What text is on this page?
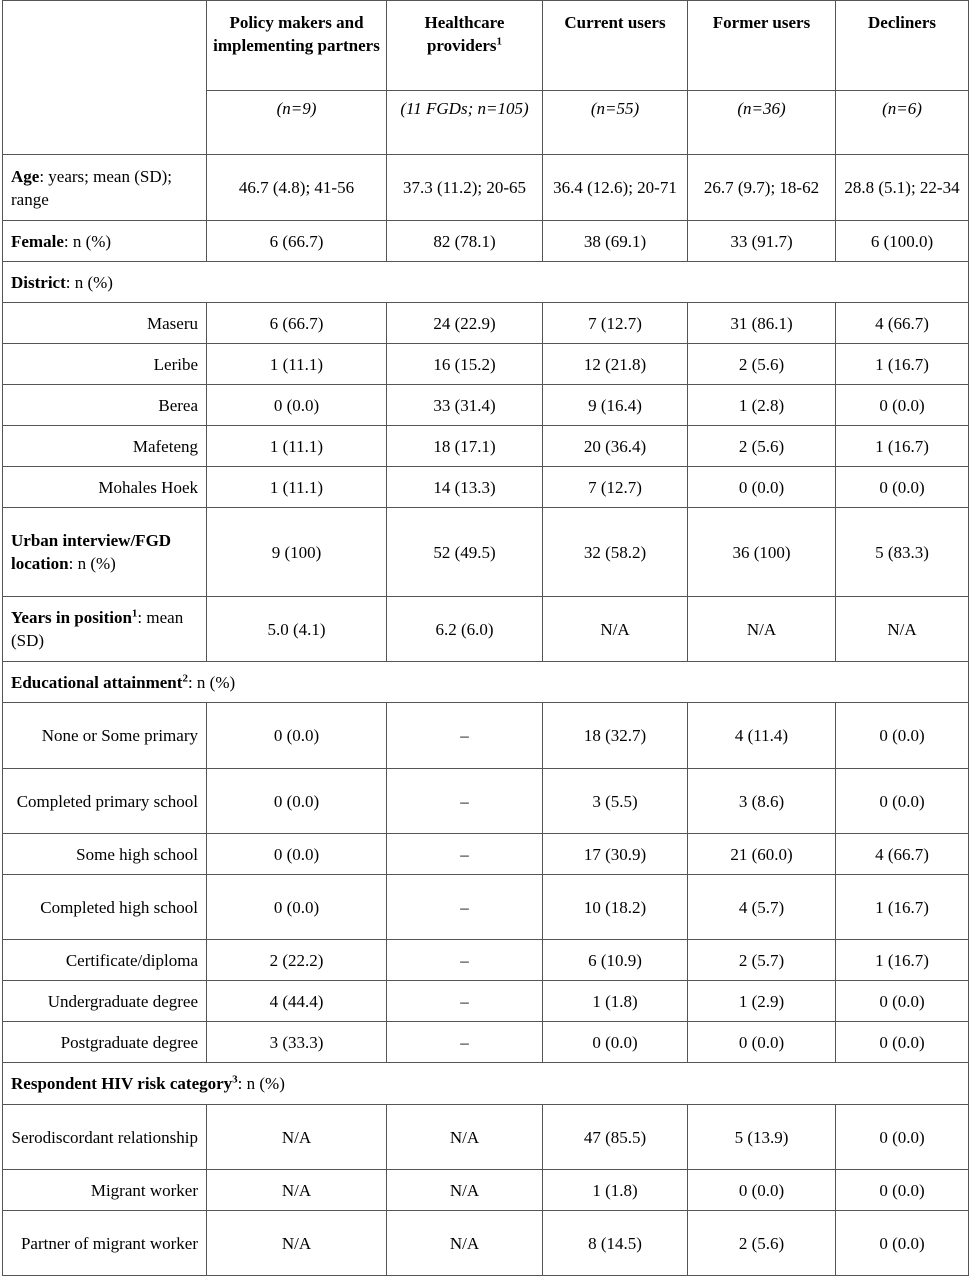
	Policy makers and implementing partners	Healthcare providers$^1$	Current users	Former users	Decliners
	(n=9)	(11 FGDs; n=105)	(n=55)	(n=36)	(n=6)
Age: years; mean (SD); range	46.7 (4.8); 41-56	37.3 (11.2); 20-65	36.4 (12.6); 20-71	26.7 (9.7); 18-62	28.8 (5.1); 22-34
Female: n (%)	6 (66.7)	82 (78.1)	38 (69.1)	33 (91.7)	6 (100.0)
District: n (%)					
Maseru	6 (66.7)	24 (22.9)	7 (12.7)	31 (86.1)	4 (66.7)
Leribe	1 (11.1)	16 (15.2)	12 (21.8)	2 (5.6)	1 (16.7)
Berea	0 (0.0)	33 (31.4)	9 (16.4)	1 (2.8)	0 (0.0)
Mafeteng	1 (11.1)	18 (17.1)	20 (36.4)	2 (5.6)	1 (16.7)
Mohales Hoek	1 (11.1)	14 (13.3)	7 (12.7)	0 (0.0)	0 (0.0)
Urban interview/FGD location: n (%)	9 (100)	52 (49.5)	32 (58.2)	36 (100)	5 (83.3)
Years in position$^1$: mean (SD)	5.0 (4.1)	6.2 (6.0)	N/A	N/A	N/A
Educational attainment$^2$: n (%)					
None or Some primary	0 (0.0)	–	18 (32.7)	4 (11.4)	0 (0.0)
Completed primary school	0 (0.0)	–	3 (5.5)	3 (8.6)	0 (0.0)
Some high school	0 (0.0)	–	17 (30.9)	21 (60.0)	4 (66.7)
Completed high school	0 (0.0)	–	10 (18.2)	4 (5.7)	1 (16.7)
Certificate/diploma	2 (22.2)	–	6 (10.9)	2 (5.7)	1 (16.7)
Undergraduate degree	4 (44.4)	–	1 (1.8)	1 (2.9)	0 (0.0)
Postgraduate degree	3 (33.3)	–	0 (0.0)	0 (0.0)	0 (0.0)
Respondent HIV risk category$^3$: n (%)					
Serodiscordant relationship	N/A	N/A	47 (85.5)	5 (13.9)	0 (0.0)
Migrant worker	N/A	N/A	1 (1.8)	0 (0.0)	0 (0.0)
Partner of migrant worker	N/A	N/A	8 (14.5)	2 (5.6)	0 (0.0)
